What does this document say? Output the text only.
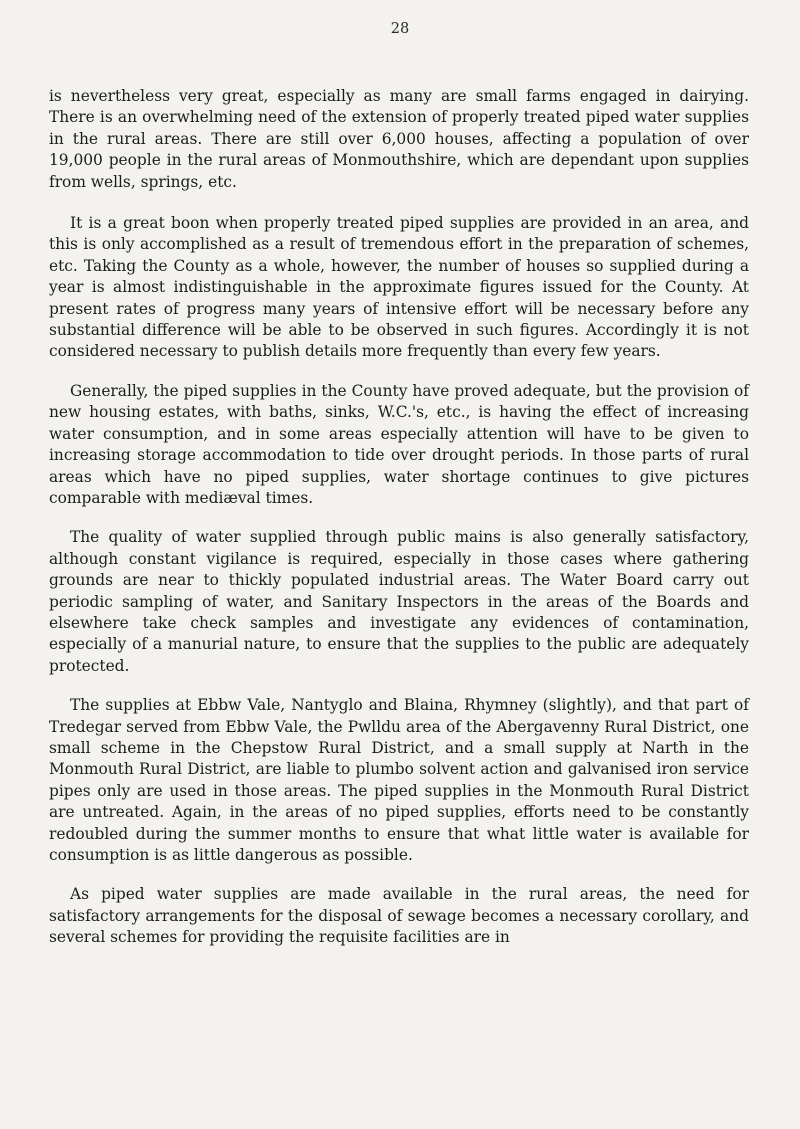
28

is nevertheless very great, especially as many are small farms engaged in dairying. There is an overwhelming need of the extension of properly treated piped water supplies in the rural areas. There are still over 6,000 houses, affecting a population of over 19,000 people in the rural areas of Monmouthshire, which are dependant upon supplies from wells, springs, etc.

It is a great boon when properly treated piped supplies are provided in an area, and this is only accomplished as a result of tremendous effort in the preparation of schemes, etc. Taking the County as a whole, however, the number of houses so supplied during a year is almost indistinguishable in the approximate figures issued for the County. At present rates of progress many years of intensive effort will be necessary before any substantial difference will be able to be observed in such figures. Accordingly it is not considered necessary to publish details more frequently than every few years.

Generally, the piped supplies in the County have proved adequate, but the provision of new housing estates, with baths, sinks, W.C.'s, etc., is having the effect of increasing water consumption, and in some areas especially attention will have to be given to increasing storage accommodation to tide over drought periods. In those parts of rural areas which have no piped supplies, water shortage continues to give pictures comparable with mediæval times.

The quality of water supplied through public mains is also generally satisfactory, although constant vigilance is required, especially in those cases where gathering grounds are near to thickly populated industrial areas. The Water Board carry out periodic sampling of water, and Sanitary Inspectors in the areas of the Boards and elsewhere take check samples and investigate any evidences of contamination, especially of a manurial nature, to ensure that the supplies to the public are adequately protected.

The supplies at Ebbw Vale, Nantyglo and Blaina, Rhymney (slightly), and that part of Tredegar served from Ebbw Vale, the Pwlldu area of the Abergavenny Rural District, one small scheme in the Chepstow Rural District, and a small supply at Narth in the Monmouth Rural District, are liable to plumbo solvent action and galvanised iron service pipes only are used in those areas. The piped supplies in the Monmouth Rural District are untreated. Again, in the areas of no piped supplies, efforts need to be constantly redoubled during the summer months to ensure that what little water is available for consumption is as little dangerous as possible.

As piped water supplies are made available in the rural areas, the need for satisfactory arrangements for the disposal of sewage becomes a necessary corollary, and several schemes for providing the requisite facilities are in
